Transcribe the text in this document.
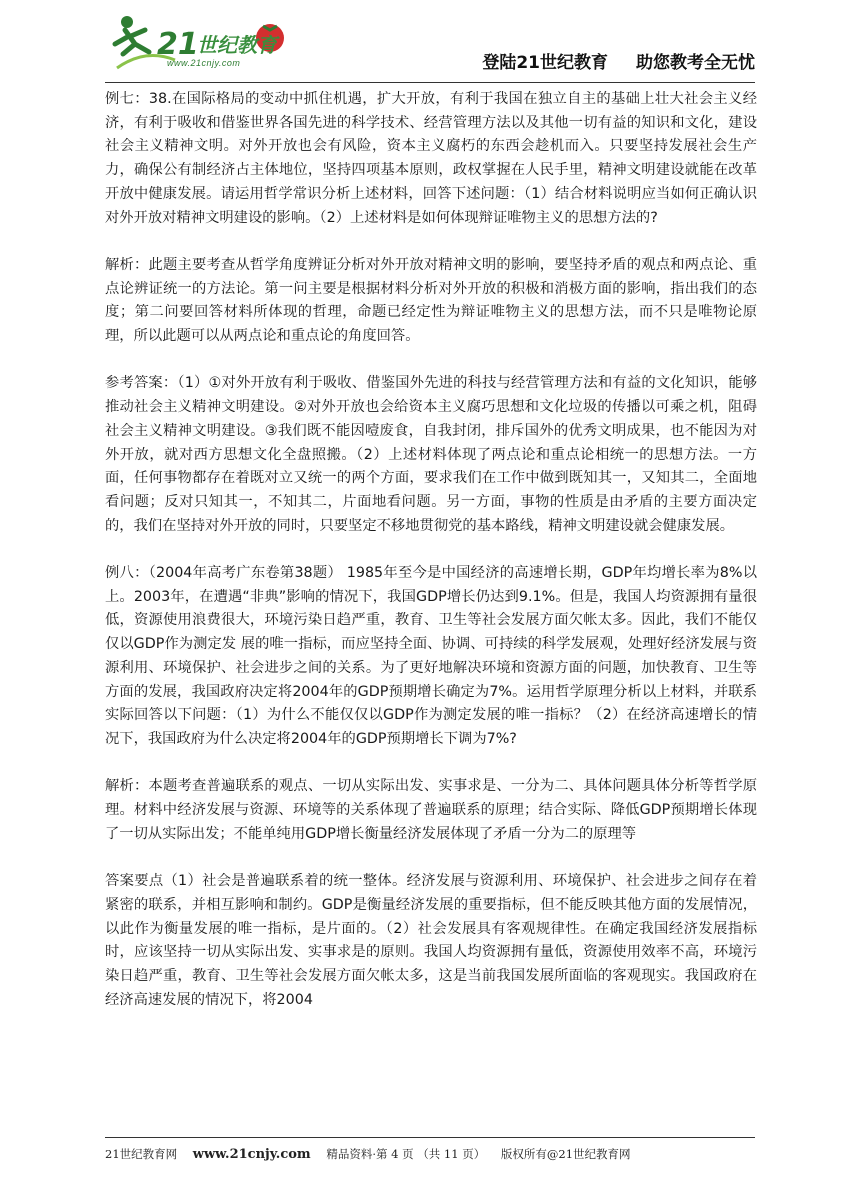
21
世纪教育
www.21cnjy.com	登陆21世纪教育 助您教考全无忧

例七：38.在国际格局的变动中抓住机遇，扩大开放，有利于我国在独立自主的基础上壮大社会主义经济，有利于吸收和借鉴世界各国先进的科学技术、经营管理方法以及其他一切有益的知识和文化，建设社会主义精神文明。对外开放也会有风险，资本主义腐朽的东西会趁机而入。只要坚持发展社会生产力，确保公有制经济占主体地位，坚持四项基本原则，政权掌握在人民手里，精神文明建设就能在改革开放中健康发展。请运用哲学常识分析上述材料，回答下述问题：（1）结合材料说明应当如何正确认识对外开放对精神文明建设的影响。（2）上述材料是如何体现辩证唯物主义的思想方法的?

解析：此题主要考查从哲学角度辨证分析对外开放对精神文明的影响，要坚持矛盾的观点和两点论、重点论辨证统一的方法论。第一问主要是根据材料分析对外开放的积极和消极方面的影响，指出我们的态度；第二问要回答材料所体现的哲理，命题已经定性为辩证唯物主义的思想方法，而不只是唯物论原理，所以此题可以从两点论和重点论的角度回答。

参考答案：（1）①对外开放有利于吸收、借鉴国外先进的科技与经营管理方法和有益的文化知识，能够推动社会主义精神文明建设。②对外开放也会给资本主义腐巧思想和文化垃圾的传播以可乘之机，阻碍社会主义精神文明建设。③我们既不能因噎废食，自我封闭，排斥国外的优秀文明成果，也不能因为对外开放，就对西方思想文化全盘照搬。（2）上述材料体现了两点论和重点论相统一的思想方法。一方面，任何事物都存在着既对立又统一的两个方面，要求我们在工作中做到既知其一，又知其二，全面地看问题；反对只知其一，不知其二，片面地看问题。另一方面，事物的性质是由矛盾的主要方面决定的，我们在坚持对外开放的同时，只要坚定不移地贯彻党的基本路线，精神文明建设就会健康发展。

例八：（2004年高考广东卷第38题） 1985年至今是中国经济的高速增长期，GDP年均增长率为8%以上。2003年，在遭遇“非典”影响的情况下，我国GDP增长仍达到9.1%。但是，我国人均资源拥有量很低，资源使用浪费很大，环境污染日趋严重，教育、卫生等社会发展方面欠帐太多。因此，我们不能仅仅以GDP作为测定发 展的唯一指标，而应坚持全面、协调、可持续的科学发展观，处理好经济发展与资源利用、环境保护、社会进步之间的关系。为了更好地解决环境和资源方面的问题，加快教育、卫生等方面的发展，我国政府决定将2004年的GDP预期增长确定为7%。运用哲学原理分析以上材料，并联系实际回答以下问题：（1）为什么不能仅仅以GDP作为测定发展的唯一指标？（2）在经济高速增长的情况下，我国政府为什么决定将2004年的GDP预期增长下调为7%?

解析：本题考查普遍联系的观点、一切从实际出发、实事求是、一分为二、具体问题具体分析等哲学原理。材料中经济发展与资源、环境等的关系体现了普遍联系的原理；结合实际、降低GDP预期增长体现了一切从实际出发；不能单纯用GDP增长衡量经济发展体现了矛盾一分为二的原理等

答案要点（1）社会是普遍联系着的统一整体。经济发展与资源利用、环境保护、社会进步之间存在着紧密的联系，并相互影响和制约。GDP是衡量经济发展的重要指标，但不能反映其他方面的发展情况，以此作为衡量发展的唯一指标，是片面的。（2）社会发展具有客观规律性。在确定我国经济发展指标时，应该坚持一切从实际出发、实事求是的原则。我国人均资源拥有量低，资源使用效率不高，环境污染日趋严重，教育、卫生等社会发展方面欠帐太多，这是当前我国发展所面临的客观现实。我国政府在经济高速发展的情况下，将2004

21世纪教育网 www.21cnjy.com 精品资料·第 4 页 （共 11 页） 版权所有@21世纪教育网
